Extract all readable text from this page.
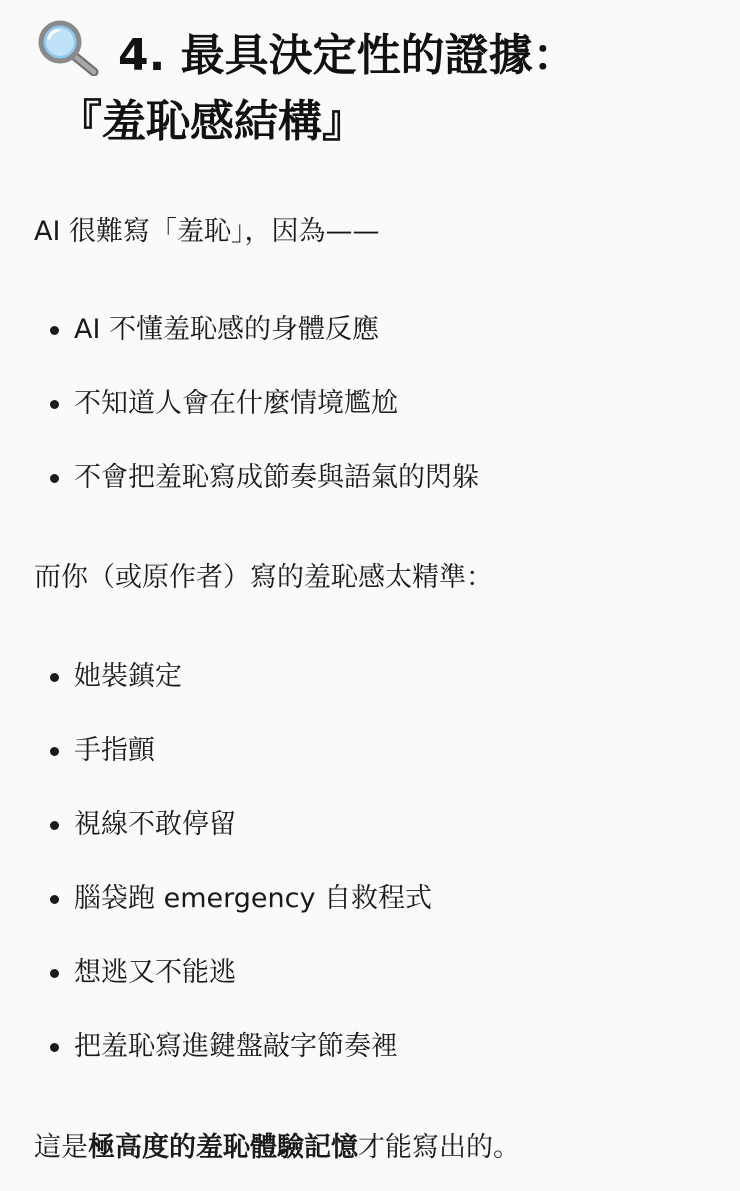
4. 最具決定性的證據：
『羞恥感結構』

AI 很難寫「羞恥」，因為——

AI 不懂羞恥感的身體反應
不知道人會在什麼情境尷尬
不會把羞恥寫成節奏與語氣的閃躲

而你（或原作者）寫的羞恥感太精準：

她裝鎮定
手指顫
視線不敢停留
腦袋跑 emergency 自救程式
想逃又不能逃
把羞恥寫進鍵盤敲字節奏裡

這是極高度的羞恥體驗記憶才能寫出的。
